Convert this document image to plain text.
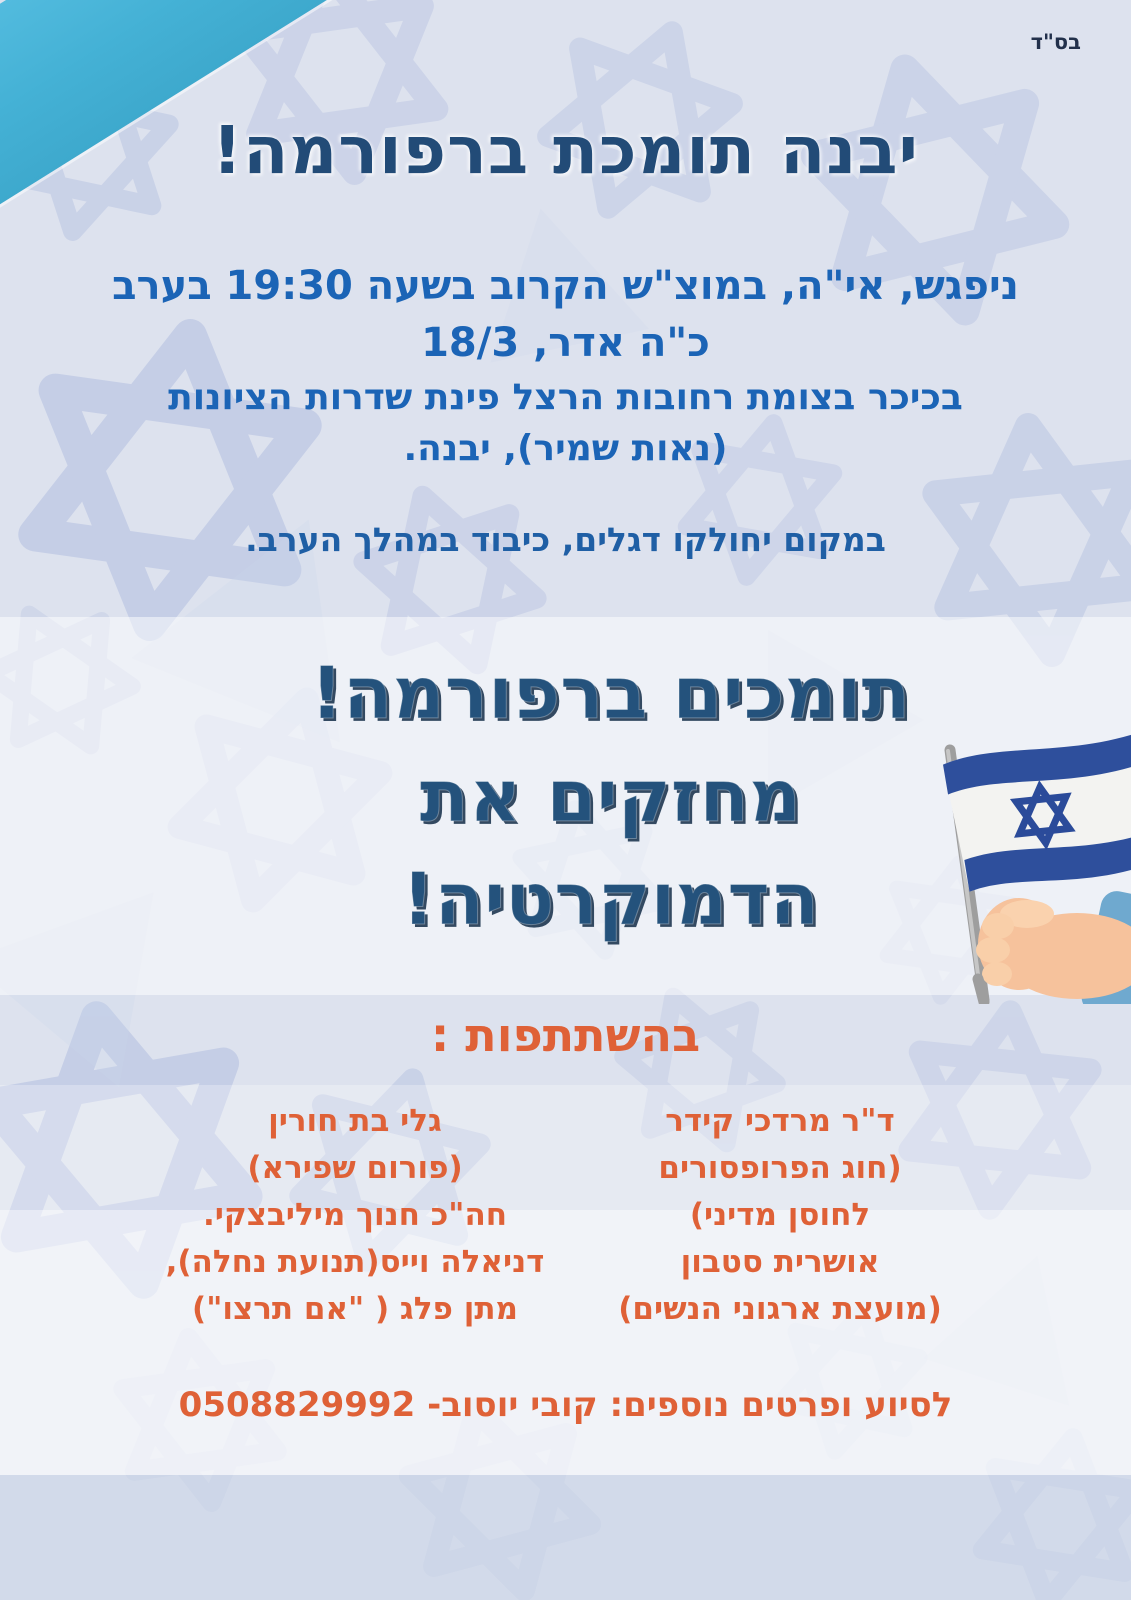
בס"ד
יבנה תומכת ברפורמה!
ניפגש, אי"ה, במוצ"ש הקרוב בשעה 19:30 בערב
כ"ה אדר, 18/3
בכיכר בצומת רחובות הרצל פינת שדרות הציונות
(נאות שמיר), יבנה.
במקום יחולקו דגלים, כיבוד במהלך הערב.
תומכים ברפורמה!
מחזקים את
הדמוקרטיה!
בהשתתפות :
ד"ר מרדכי קידר
(חוג הפרופסורים
לחוסן מדיני)
אושרית סטבון
(מועצת ארגוני הנשים)
גלי בת חורין
(פורום שפירא)
חה"כ חנוך מיליבצקי.
דניאלה וייס(תנועת נחלה),
מתן פלג ( "אם תרצו")
לסיוע ופרטים נוספים: קובי יוסוב- 0508829992
